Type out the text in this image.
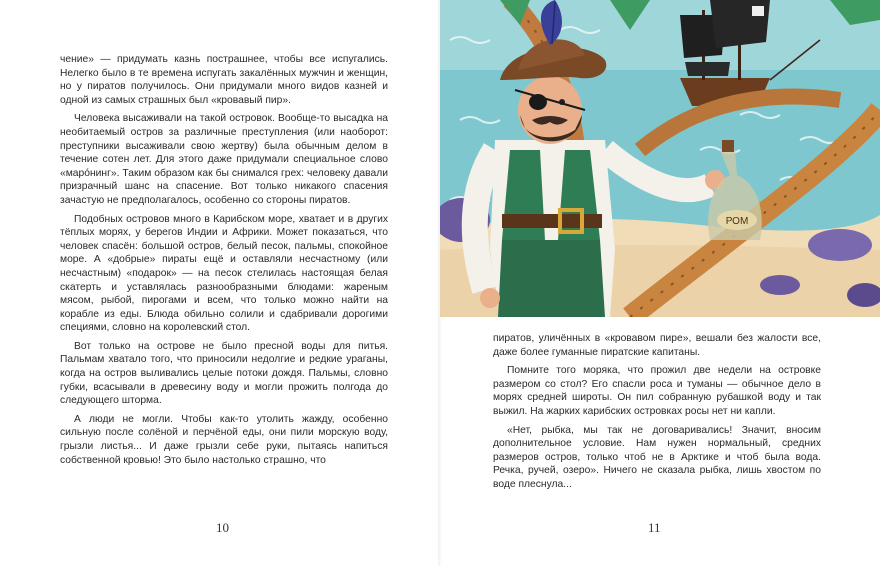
чение» — придумать казнь пострашнее, чтобы все испугались. Нелегко было в те времена испугать закалённых мужчин и женщин, но у пиратов получилось. Они придумали много видов казней и одной из самых страшных был «кровавый пир».

Человека высаживали на такой островок. Вообще-то высадка на необитаемый остров за различные преступления (или наоборот: преступники высаживали свою жертву) была обычным делом в течение сотен лет. Для этого даже придумали специальное слово «марóнинг». Таким образом как бы снимался грех: человеку давали призрачный шанс на спасение. Вот только никакого спасения зачастую не предполагалось, особенно со стороны пиратов.

Подобных островов много в Карибском море, хватает и в других тёплых морях, у берегов Индии и Африки. Может показаться, что человек спасён: большой остров, белый песок, пальмы, спокойное море. А «добрые» пираты ещё и оставляли несчастному (или несчастным) «подарок» — на песок стелилась настоящая белая скатерть и уставлялась разнообразными блюдами: жареным мясом, рыбой, пирогами и всем, что только можно найти на корабле из еды. Блюда обильно солили и сдабривали дорогими специями, словно на королевский стол.

Вот только на острове не было пресной воды для питья. Пальмам хватало того, что приносили недолгие и редкие ураганы, когда на остров выливались целые потоки дождя. Пальмы, словно губки, всасывали в древесину воду и могли прожить полгода до следующего шторма.

А люди не могли. Чтобы как-то утолить жажду, особенно сильную после солёной и перчёной еды, они пили морскую воду, грызли листья... И даже грызли себе руки, пытаясь напиться собственной кровью! Это было настолько страшно, что

10
РОМ

пиратов, уличённых в «кровавом пире», вешали без жалости все, даже более гуманные пиратские капитаны.

Помните того моряка, что прожил две недели на островке размером со стол? Его спасли роса и туманы — обычное дело в морях средней широты. Он пил собранную рубашкой воду и так выжил. На жарких карибских островках росы нет ни капли.

«Нет, рыбка, мы так не договаривались! Значит, вносим дополнительное условие. Нам нужен нормальный, средних размеров остров, только чтоб не в Арктике и чтоб была вода. Речка, ручей, озеро». Ничего не сказала рыбка, лишь хвостом по воде плеснула...

11
